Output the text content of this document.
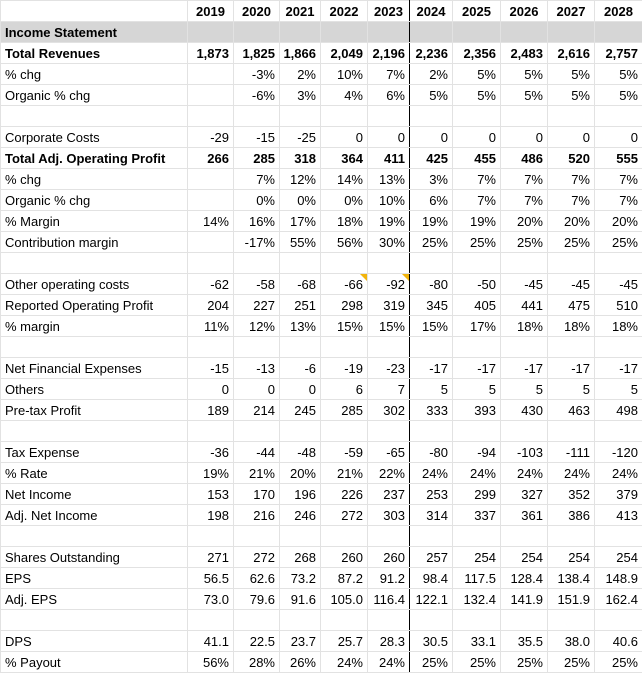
	2019	2020	2021	2022	2023	2024	2025	2026	2027	2028
Income Statement										
Total Revenues	1,873	1,825	1,866	2,049	2,196	2,236	2,356	2,483	2,616	2,757
% chg		-3%	2%	10%	7%	2%	5%	5%	5%	5%
Organic % chg		-6%	3%	4%	6%	5%	5%	5%	5%	5%

Corporate Costs	-29	-15	-25	0	0	0	0	0	0	0
Total Adj. Operating Profit	266	285	318	364	411	425	455	486	520	555
% chg		7%	12%	14%	13%	3%	7%	7%	7%	7%
Organic % chg		0%	0%	0%	10%	6%	7%	7%	7%	7%
% Margin	14%	16%	17%	18%	19%	19%	19%	20%	20%	20%
Contribution margin		-17%	55%	56%	30%	25%	25%	25%	25%	25%

Other operating costs	-62	-58	-68	-66	-92	-80	-50	-45	-45	-45
Reported Operating Profit	204	227	251	298	319	345	405	441	475	510
% margin	11%	12%	13%	15%	15%	15%	17%	18%	18%	18%

Net Financial Expenses	-15	-13	-6	-19	-23	-17	-17	-17	-17	-17
Others	0	0	0	6	7	5	5	5	5	5
Pre-tax Profit	189	214	245	285	302	333	393	430	463	498

Tax Expense	-36	-44	-48	-59	-65	-80	-94	-103	-111	-120
% Rate	19%	21%	20%	21%	22%	24%	24%	24%	24%	24%
Net Income	153	170	196	226	237	253	299	327	352	379
Adj. Net Income	198	216	246	272	303	314	337	361	386	413

Shares Outstanding	271	272	268	260	260	257	254	254	254	254
EPS	56.5	62.6	73.2	87.2	91.2	98.4	117.5	128.4	138.4	148.9
Adj. EPS	73.0	79.6	91.6	105.0	116.4	122.1	132.4	141.9	151.9	162.4

DPS	41.1	22.5	23.7	25.7	28.3	30.5	33.1	35.5	38.0	40.6
% Payout	56%	28%	26%	24%	24%	25%	25%	25%	25%	25%
